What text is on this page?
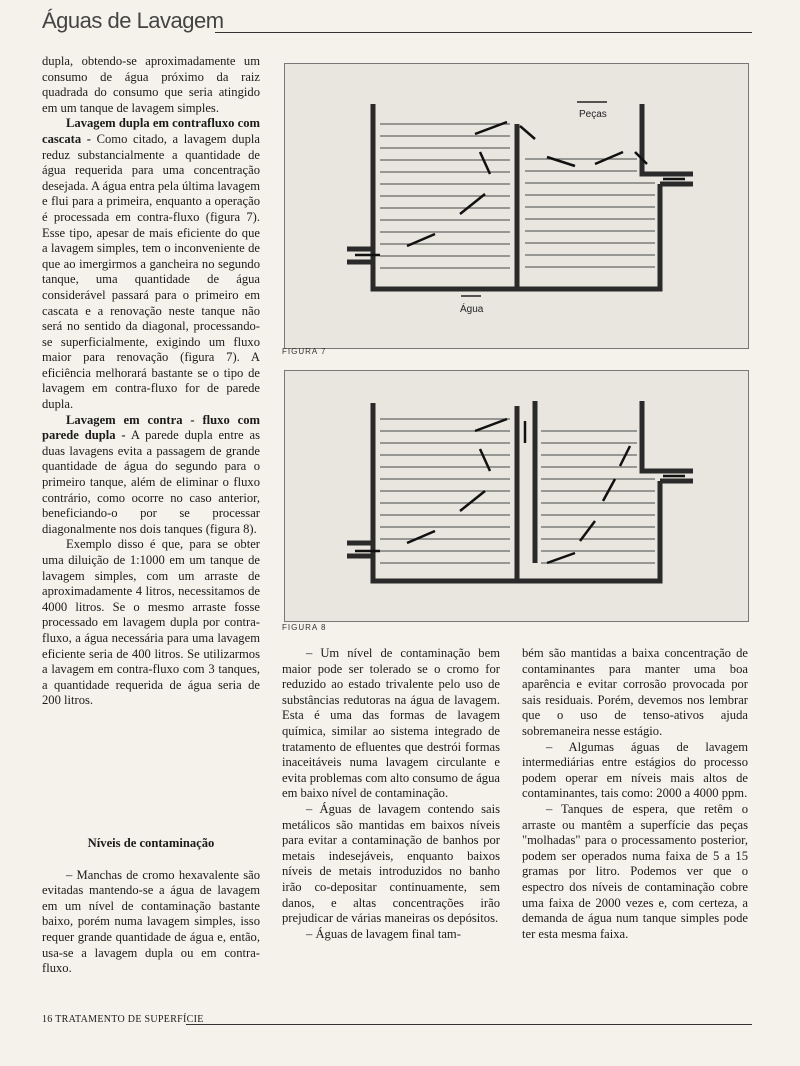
Águas de Lavagem

dupla, obtendo-se aproximadamente um consumo de água próximo da raiz quadrada do consumo que seria atingido em um tanque de lavagem simples.

Lavagem dupla em contrafluxo com cascata - Como citado, a lavagem dupla reduz substancialmente a quantidade de água requerida para uma concentração desejada. A água entra pela última lavagem e flui para a primeira, enquanto a operação é processada em contra-fluxo (figura 7). Esse tipo, apesar de mais eficiente do que a lavagem simples, tem o inconveniente de que ao imergirmos a gancheira no segundo tanque, uma quantidade de água considerável passará para o primeiro em cascata e a renovação neste tanque não será no sentido da diagonal, processando-se superficialmente, exigindo um fluxo maior para renovação (figura 7). A eficiência melhorará bastante se o tipo de lavagem em contra-fluxo for de parede dupla.

Lavagem em contra - fluxo com parede dupla - A parede dupla entre as duas lavagens evita a passagem de grande quantidade de água do segundo para o primeiro tanque, além de eliminar o fluxo contrário, como ocorre no caso anterior, beneficiando-o por se processar diagonalmente nos dois tanques (figura 8).

Exemplo disso é que, para se obter uma diluição de 1:1000 em um tanque de lavagem simples, com um arraste de aproximadamente 4 litros, necessitamos de 4000 litros. Se o mesmo arraste fosse processado em lavagem dupla por contra-fluxo, a água necessária para uma lavagem eficiente seria de 400 litros. Se utilizarmos a lavagem em contra-fluxo com 3 tanques, a quantidade requerida de água seria de 200 litros.

Níveis de contaminação

– Manchas de cromo hexavalente são evitadas mantendo-se a água de lavagem em um nível de contaminação bastante baixo, porém numa lavagem simples, isso requer grande quantidade de água e, então, usa-se a lavagem dupla ou em contra-fluxo.

Peças
Água
FIGURA 7
FIGURA 8

– Um nível de contaminação bem maior pode ser tolerado se o cromo for reduzido ao estado trivalente pelo uso de substâncias redutoras na água de lavagem. Esta é uma das formas de lavagem química, similar ao sistema integrado de tratamento de efluentes que destrói formas inaceitáveis numa lavagem circulante e evita problemas com alto consumo de água em baixo nível de contaminação.

– Águas de lavagem contendo sais metálicos são mantidas em baixos níveis para evitar a contaminação de banhos por metais indesejáveis, enquanto baixos níveis de metais introduzidos no banho irão co-depositar continuamente, sem danos, e altas concentrações irão prejudicar de várias maneiras os depósitos.

– Águas de lavagem final tam-

bém são mantidas a baixa concentração de contaminantes para manter uma boa aparência e evitar corrosão provocada por sais residuais. Porém, devemos nos lembrar que o uso de tenso-ativos ajuda sobremaneira nesse estágio.

– Algumas águas de lavagem intermediárias entre estágios do processo podem operar em níveis mais altos de contaminantes, tais como: 2000 a 4000 ppm.

– Tanques de espera, que retêm o arraste ou mantêm a superfície das peças "molhadas" para o processamento posterior, podem ser operados numa faixa de 5 a 15 gramas por litro. Podemos ver que o espectro dos níveis de contaminação cobre uma faixa de 2000 vezes e, com certeza, a demanda de água num tanque simples pode ter esta mesma faixa.

16 TRATAMENTO DE SUPERFÍCIE
